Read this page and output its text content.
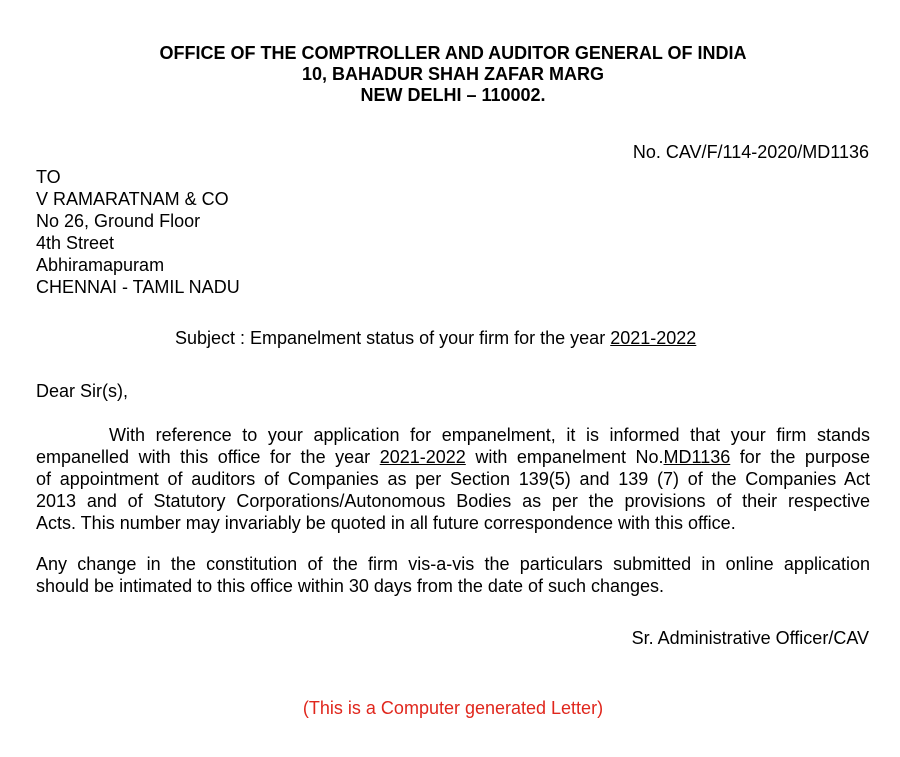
OFFICE OF THE COMPTROLLER AND AUDITOR GENERAL OF INDIA
10, BAHADUR SHAH ZAFAR MARG
NEW DELHI – 110002.
No. CAV/F/114-2020/MD1136
TO
V RAMARATNAM & CO
No 26, Ground Floor
4th Street
Abhiramapuram
CHENNAI - TAMIL NADU
Subject : Empanelment status of your firm for the year 2021-2022
Dear Sir(s),
With reference to your application for empanelment, it is informed that your firm stands
empanelled with this office for the year 2021-2022 with empanelment No.MD1136 for the purpose
of appointment of auditors of Companies as per Section 139(5) and 139 (7) of the Companies Act
2013 and of Statutory Corporations/Autonomous Bodies as per the provisions of their respective
Acts. This number may invariably be quoted in all future correspondence with this office.
Any change in the constitution of the firm vis-a-vis the particulars submitted in online application
should be intimated to this office within 30 days from the date of such changes.
Sr. Administrative Officer/CAV
(This is a Computer generated Letter)
